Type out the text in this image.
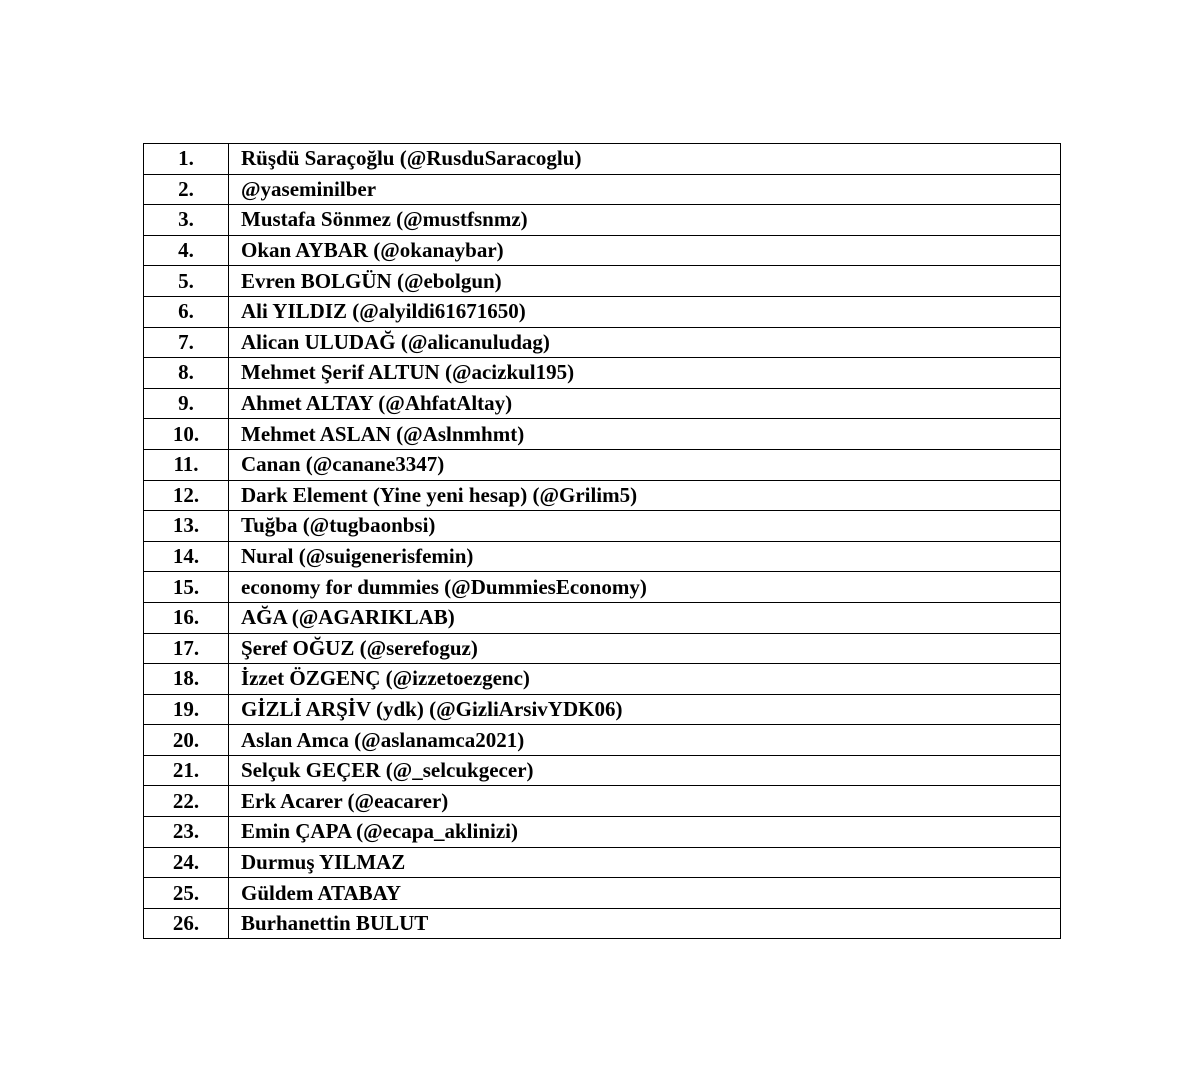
1.	Rüşdü Saraçoğlu (@RusduSaracoglu)
2.	@yaseminilber
3.	Mustafa Sönmez (@mustfsnmz)
4.	Okan AYBAR (@okanaybar)
5.	Evren BOLGÜN (@ebolgun)
6.	Ali YILDIZ (@alyildi61671650)
7.	Alican ULUDAĞ (@alicanuludag)
8.	Mehmet Şerif ALTUN (@acizkul195)
9.	Ahmet ALTAY (@AhfatAltay)
10.	Mehmet ASLAN (@Aslnmhmt)
11.	Canan (@canane3347)
12.	Dark Element (Yine yeni hesap) (@Grilim5)
13.	Tuğba (@tugbaonbsi)
14.	Nural (@suigenerisfemin)
15.	economy for dummies (@DummiesEconomy)
16.	AĞA (@AGARIKLAB)
17.	Şeref OĞUZ (@serefoguz)
18.	İzzet ÖZGENÇ (@izzetoezgenc)
19.	GİZLİ ARŞİV (ydk) (@GizliArsivYDK06)
20.	Aslan Amca (@aslanamca2021)
21.	Selçuk GEÇER (@_selcukgecer)
22.	Erk Acarer (@eacarer)
23.	Emin ÇAPA (@ecapa_aklinizi)
24.	Durmuş YILMAZ
25.	Güldem ATABAY
26.	Burhanettin BULUT
